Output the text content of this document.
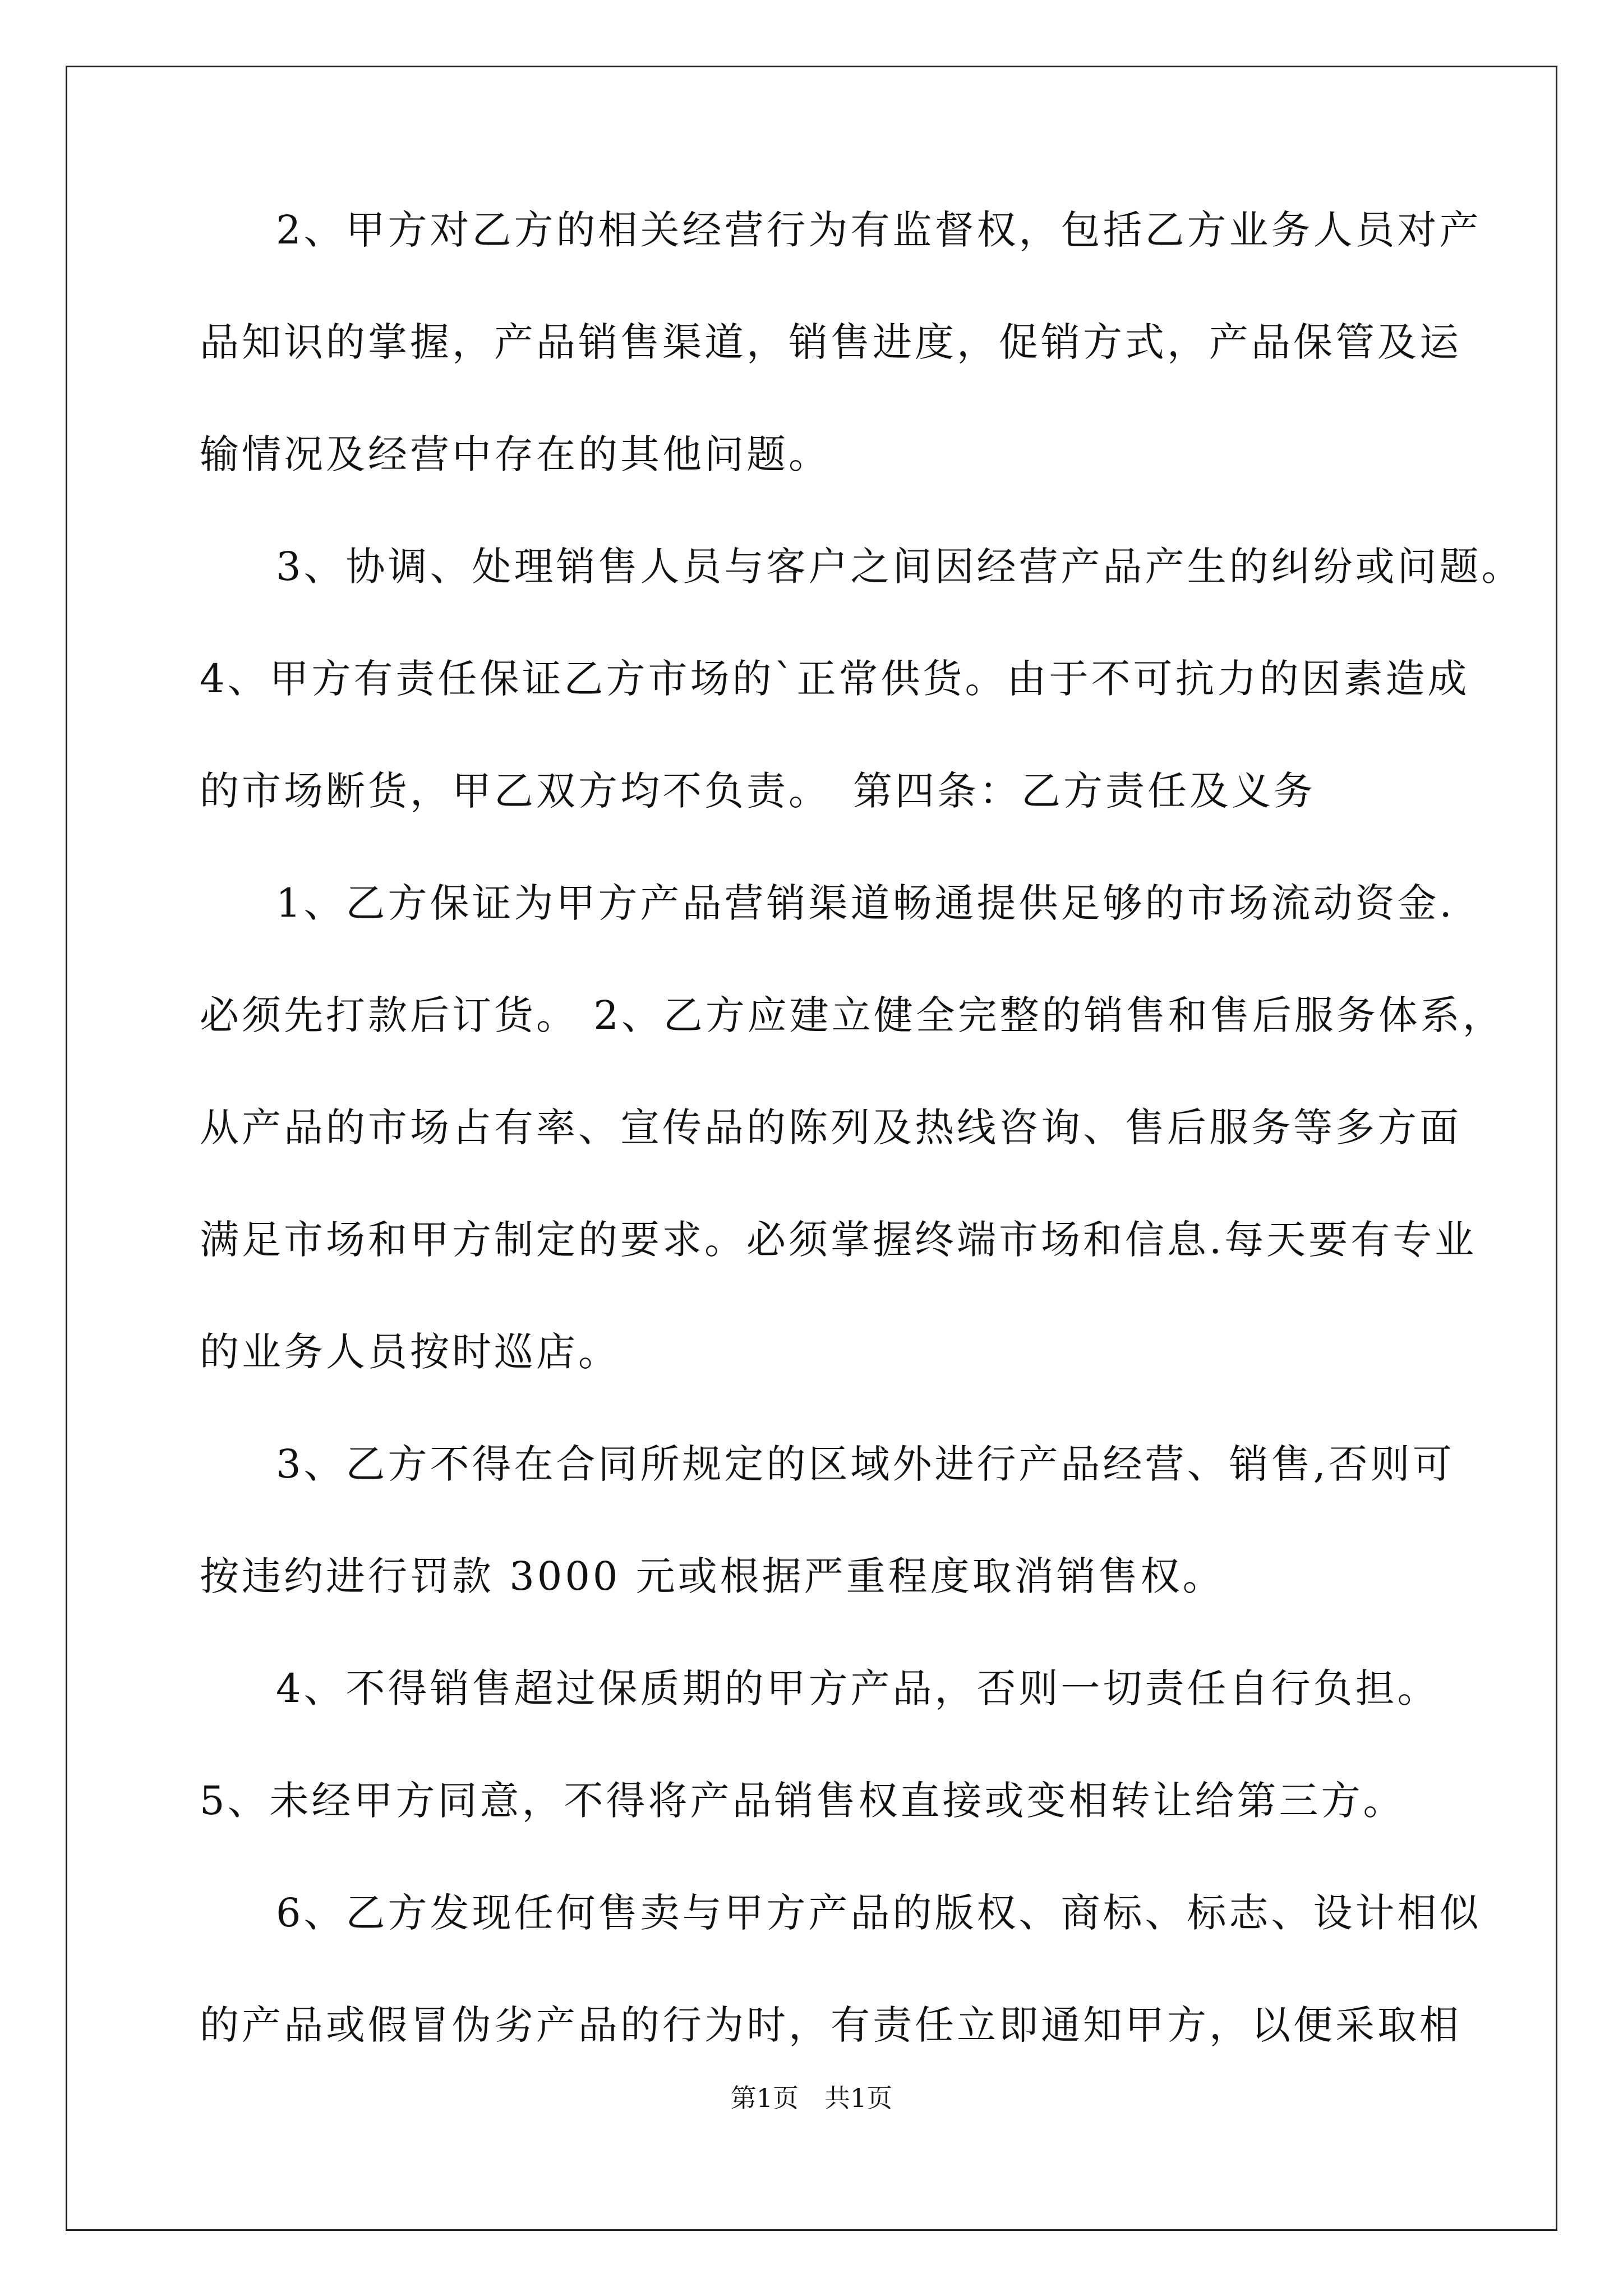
2、甲方对乙方的相关经营行为有监督权，包括乙方业务人员对产
品知识的掌握，产品销售渠道，销售进度，促销方式，产品保管及运
输情况及经营中存在的其他问题。
3、协调、处理销售人员与客户之间因经营产品产生的纠纷或问题。
4、甲方有责任保证乙方市场的`正常供货。由于不可抗力的因素造成
的市场断货，甲乙双方均不负责。　第四条：乙方责任及义务
1、乙方保证为甲方产品营销渠道畅通提供足够的市场流动资金.
必须先打款后订货。 2、乙方应建立健全完整的销售和售后服务体系，
从产品的市场占有率、宣传品的陈列及热线咨询、售后服务等多方面
满足市场和甲方制定的要求。必须掌握终端市场和信息.每天要有专业
的业务人员按时巡店。
3、乙方不得在合同所规定的区域外进行产品经营、销售,否则可
按违约进行罚款 3000 元或根据严重程度取消销售权。
4、不得销售超过保质期的甲方产品，否则一切责任自行负担。
5、未经甲方同意，不得将产品销售权直接或变相转让给第三方。
6、乙方发现任何售卖与甲方产品的版权、商标、标志、设计相似
的产品或假冒伪劣产品的行为时，有责任立即通知甲方，以便采取相
第1页　共1页
